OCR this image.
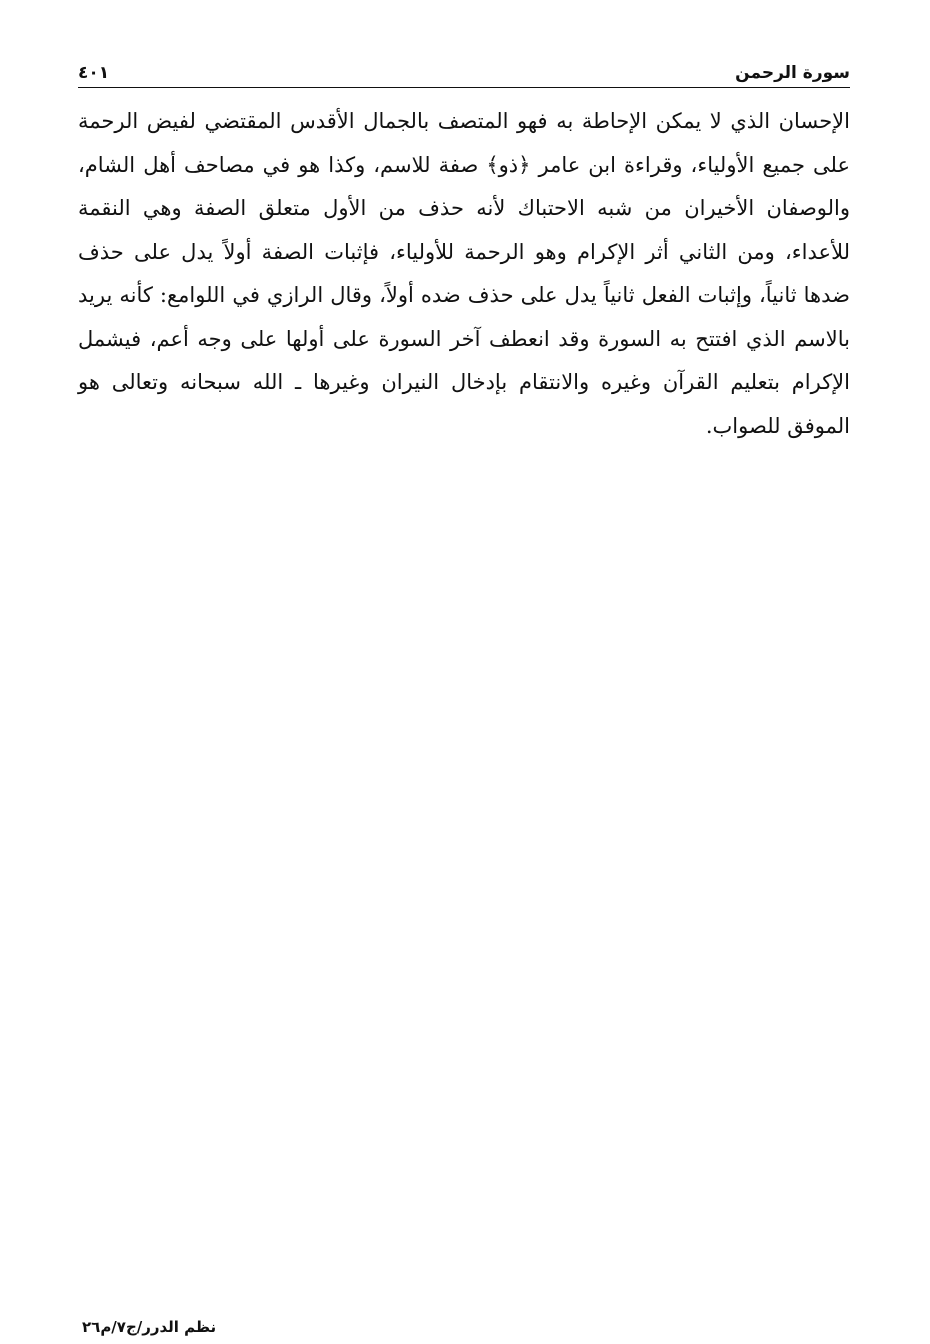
سورة الرحمن
٤٠١

الإحسان الذي لا يمكن الإحاطة به فهو المتصف بالجمال الأقدس المقتضي لفيض الرحمة على جميع الأولياء، وقراءة ابن عامر ﴿ذو﴾ صفة للاسم، وكذا هو في مصاحف أهل الشام، والوصفان الأخيران من شبه الاحتباك لأنه حذف من الأول متعلق الصفة وهي النقمة للأعداء، ومن الثاني أثر الإكرام وهو الرحمة للأولياء، فإثبات الصفة أولاً يدل على حذف ضدها ثانياً، وإثبات الفعل ثانياً يدل على حذف ضده أولاً، وقال الرازي في اللوامع: كأنه يريد بالاسم الذي افتتح به السورة وقد انعطف آخر السورة على أولها على وجه أعم، فيشمل الإكرام بتعليم القرآن وغيره والانتقام بإدخال النيران وغيرها ـ الله سبحانه وتعالى هو الموفق للصواب.

نظم الدرر/ج٧/م٢٦
